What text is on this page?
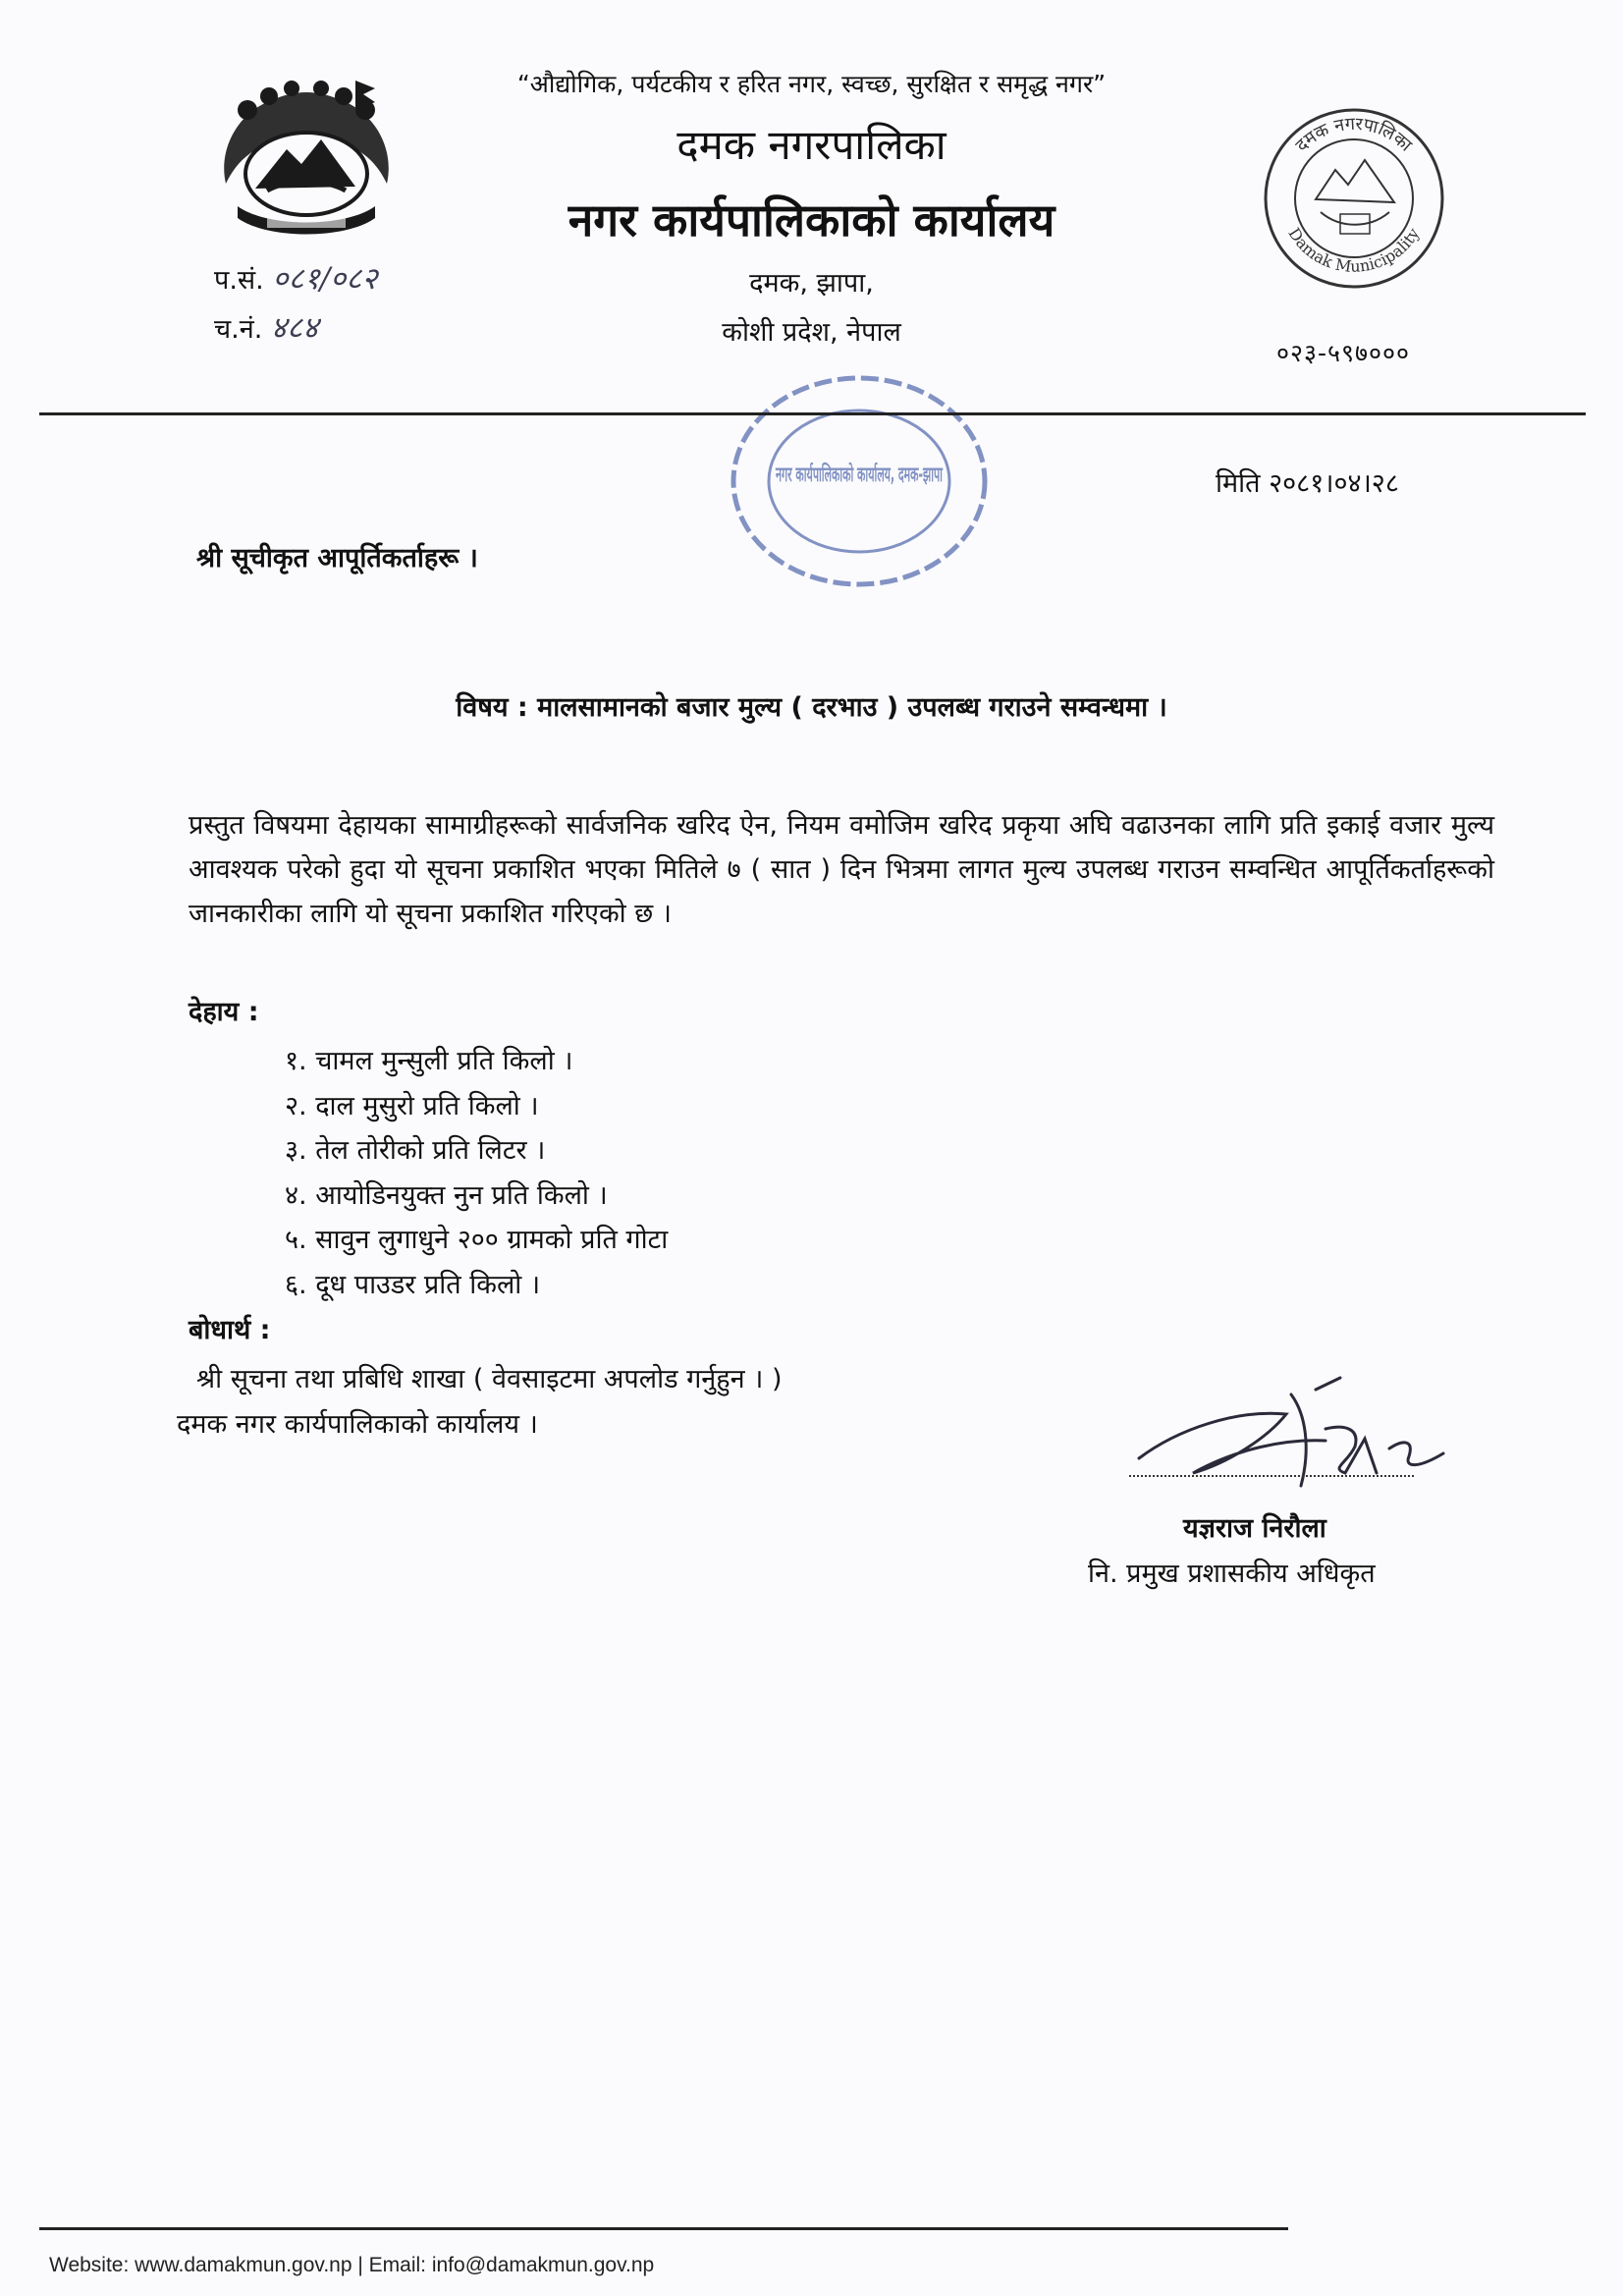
दमक नगरपालिका
Damak Municipality
नगर कार्यपालिकाको कार्यालय, दमक-झापा
“औद्योगिक, पर्यटकीय र हरित नगर, स्वच्छ, सुरक्षित र समृद्ध नगर”
दमक नगरपालिका
नगर कार्यपालिकाको कार्यालय
दमक, झापा,
कोशी प्रदेश, नेपाल
प.सं. ०८१/०८२
च.नं. ४८४
०२३-५९७०००
मिति २०८१।०४।२८
श्री सूचीकृत आपूर्तिकर्ताहरू ।
विषय : मालसामानको बजार मुल्य ( दरभाउ ) उपलब्ध गराउने सम्वन्धमा ।
प्रस्तुत विषयमा देहायका सामाग्रीहरूको सार्वजनिक खरिद ऐन, नियम वमोजिम खरिद प्रकृया अघि वढाउनका लागि प्रति इकाई वजार मुल्य आवश्यक परेको हुदा यो सूचना प्रकाशित भएका मितिले ७ ( सात ) दिन भित्रमा लागत मुल्य उपलब्ध गराउन सम्वन्धित आपूर्तिकर्ताहरूको जानकारीका लागि यो सूचना प्रकाशित गरिएको छ ।
देहाय :
१. चामल मुन्सुली प्रति किलो ।
२. दाल मुसुरो प्रति किलो ।
३. तेल तोरीको प्रति लिटर ।
४. आयोडिनयुक्त नुन प्रति किलो ।
५. सावुन लुगाधुने २०० ग्रामको प्रति गोटा
६. दूध पाउडर प्रति किलो ।
बोधार्थ :
श्री सूचना तथा प्रबिधि शाखा ( वेवसाइटमा अपलोड गर्नुहुन । )
दमक नगर कार्यपालिकाको कार्यालय ।
यज्ञराज निरौला
नि. प्रमुख प्रशासकीय अधिकृत
Website: www.damakmun.gov.np | Email: info@damakmun.gov.np
